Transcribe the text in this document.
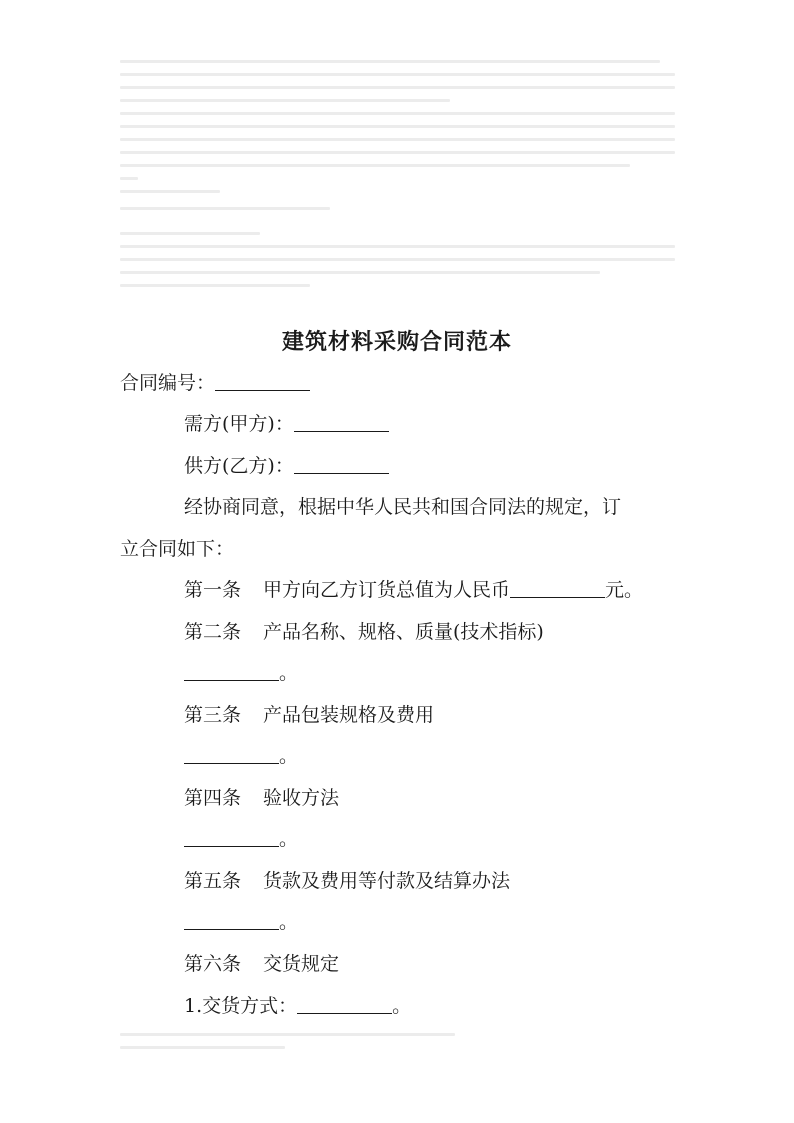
建筑材料采购合同范本
合同编号：
需方(甲方)：
供方(乙方)：
经协商同意，根据中华人民共和国合同法的规定，订
立合同如下：
第一条 甲方向乙方订货总值为人民币	元。
第二条 产品名称、规格、质量(技术指标)
。
第三条 产品包装规格及费用
。
第四条 验收方法
。
第五条 货款及费用等付款及结算办法
。
第六条 交货规定
1.交货方式：	。
